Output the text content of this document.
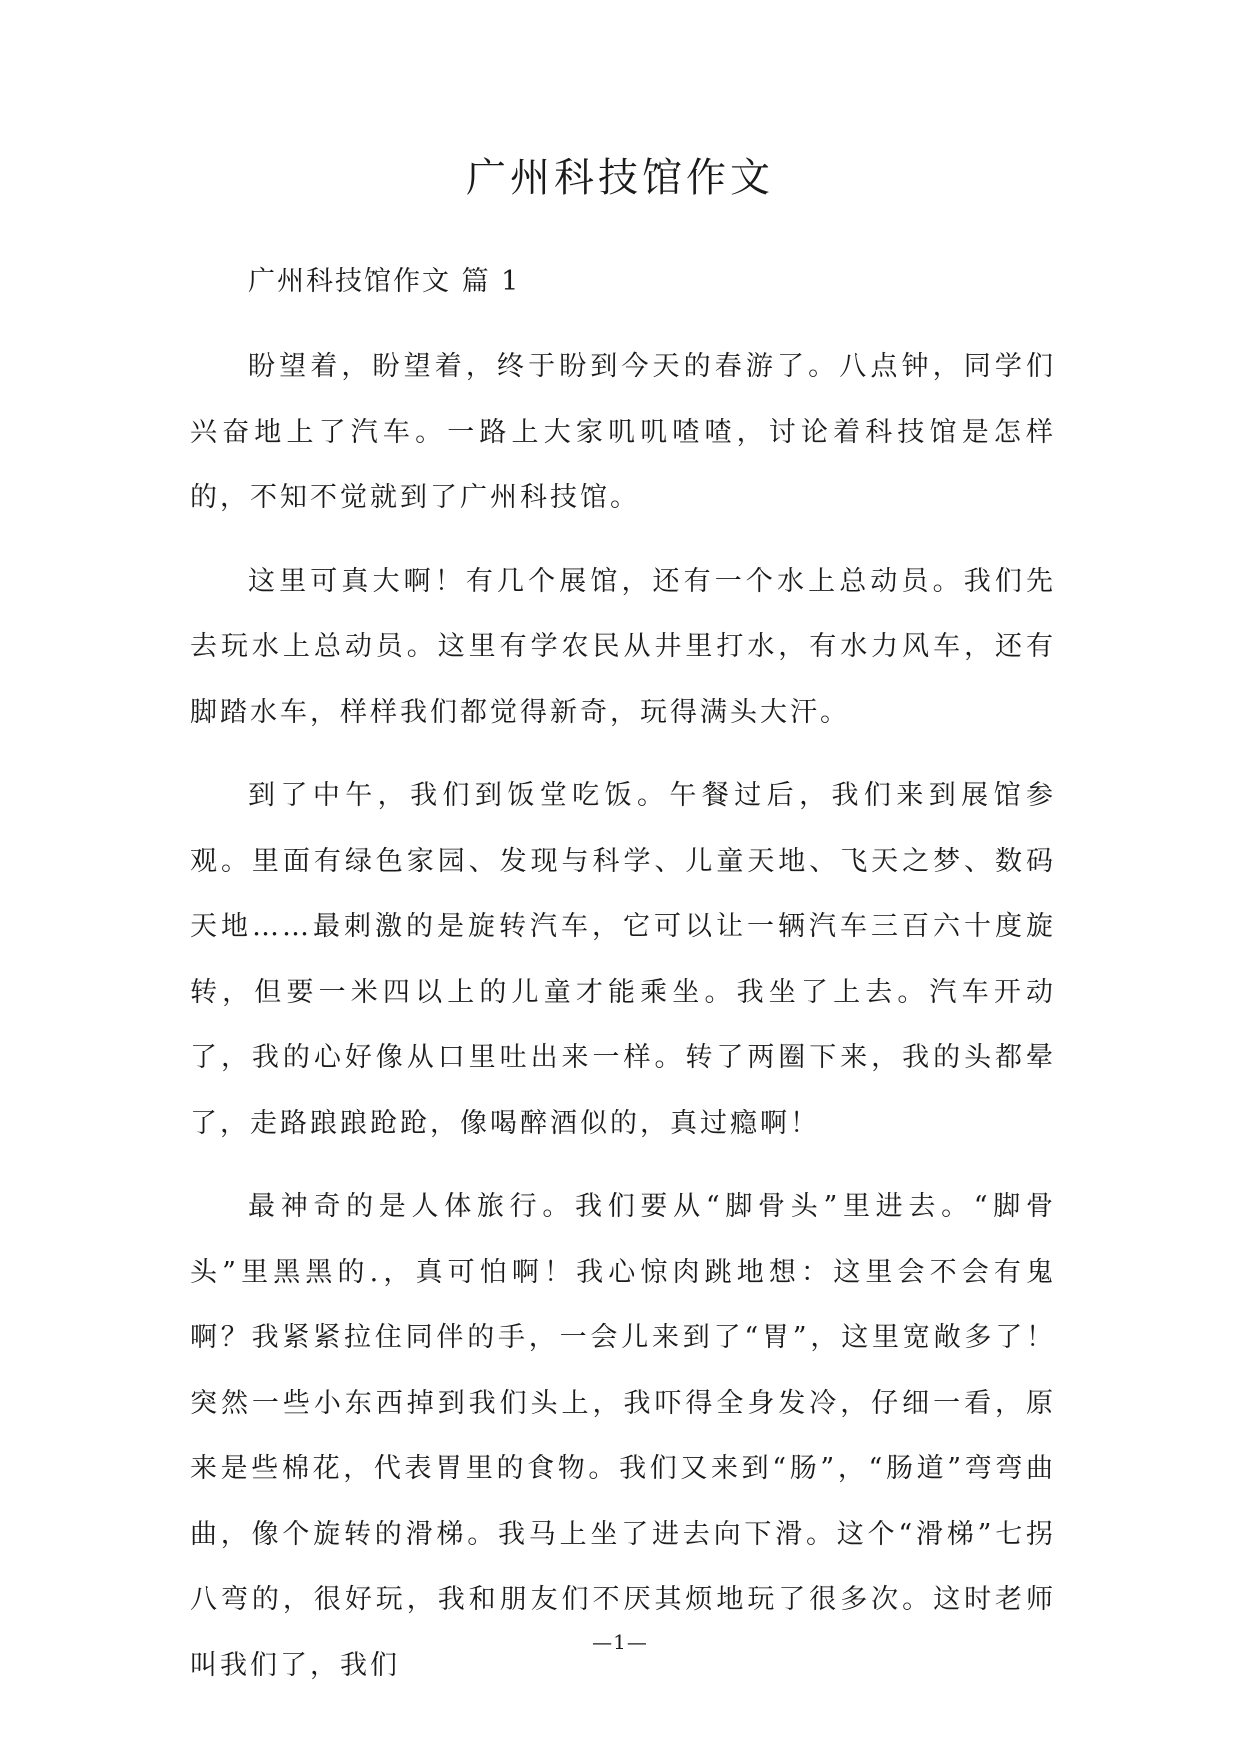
广州科技馆作文

广州科技馆作文 篇 1

盼望着，盼望着，终于盼到今天的春游了。八点钟，同学们兴奋地上了汽车。一路上大家叽叽喳喳，讨论着科技馆是怎样的，不知不觉就到了广州科技馆。

这里可真大啊！有几个展馆，还有一个水上总动员。我们先去玩水上总动员。这里有学农民从井里打水，有水力风车，还有脚踏水车，样样我们都觉得新奇，玩得满头大汗。

到了中午，我们到饭堂吃饭。午餐过后，我们来到展馆参观。里面有绿色家园、发现与科学、儿童天地、飞天之梦、数码天地……最刺激的是旋转汽车，它可以让一辆汽车三百六十度旋转，但要一米四以上的儿童才能乘坐。我坐了上去。汽车开动了，我的心好像从口里吐出来一样。转了两圈下来，我的头都晕了，走路踉踉跄跄，像喝醉酒似的，真过瘾啊！

最神奇的是人体旅行。我们要从“脚骨头”里进去。“脚骨头”里黑黑的.，真可怕啊！我心惊肉跳地想：这里会不会有鬼啊？我紧紧拉住同伴的手，一会儿来到了“胃”，这里宽敞多了！突然一些小东西掉到我们头上，我吓得全身发冷，仔细一看，原来是些棉花，代表胃里的食物。我们又来到“肠”，“肠道”弯弯曲曲，像个旋转的滑梯。我马上坐了进去向下滑。这个“滑梯”七拐八弯的，很好玩，我和朋友们不厌其烦地玩了很多次。这时老师叫我们了，我们

—1—
